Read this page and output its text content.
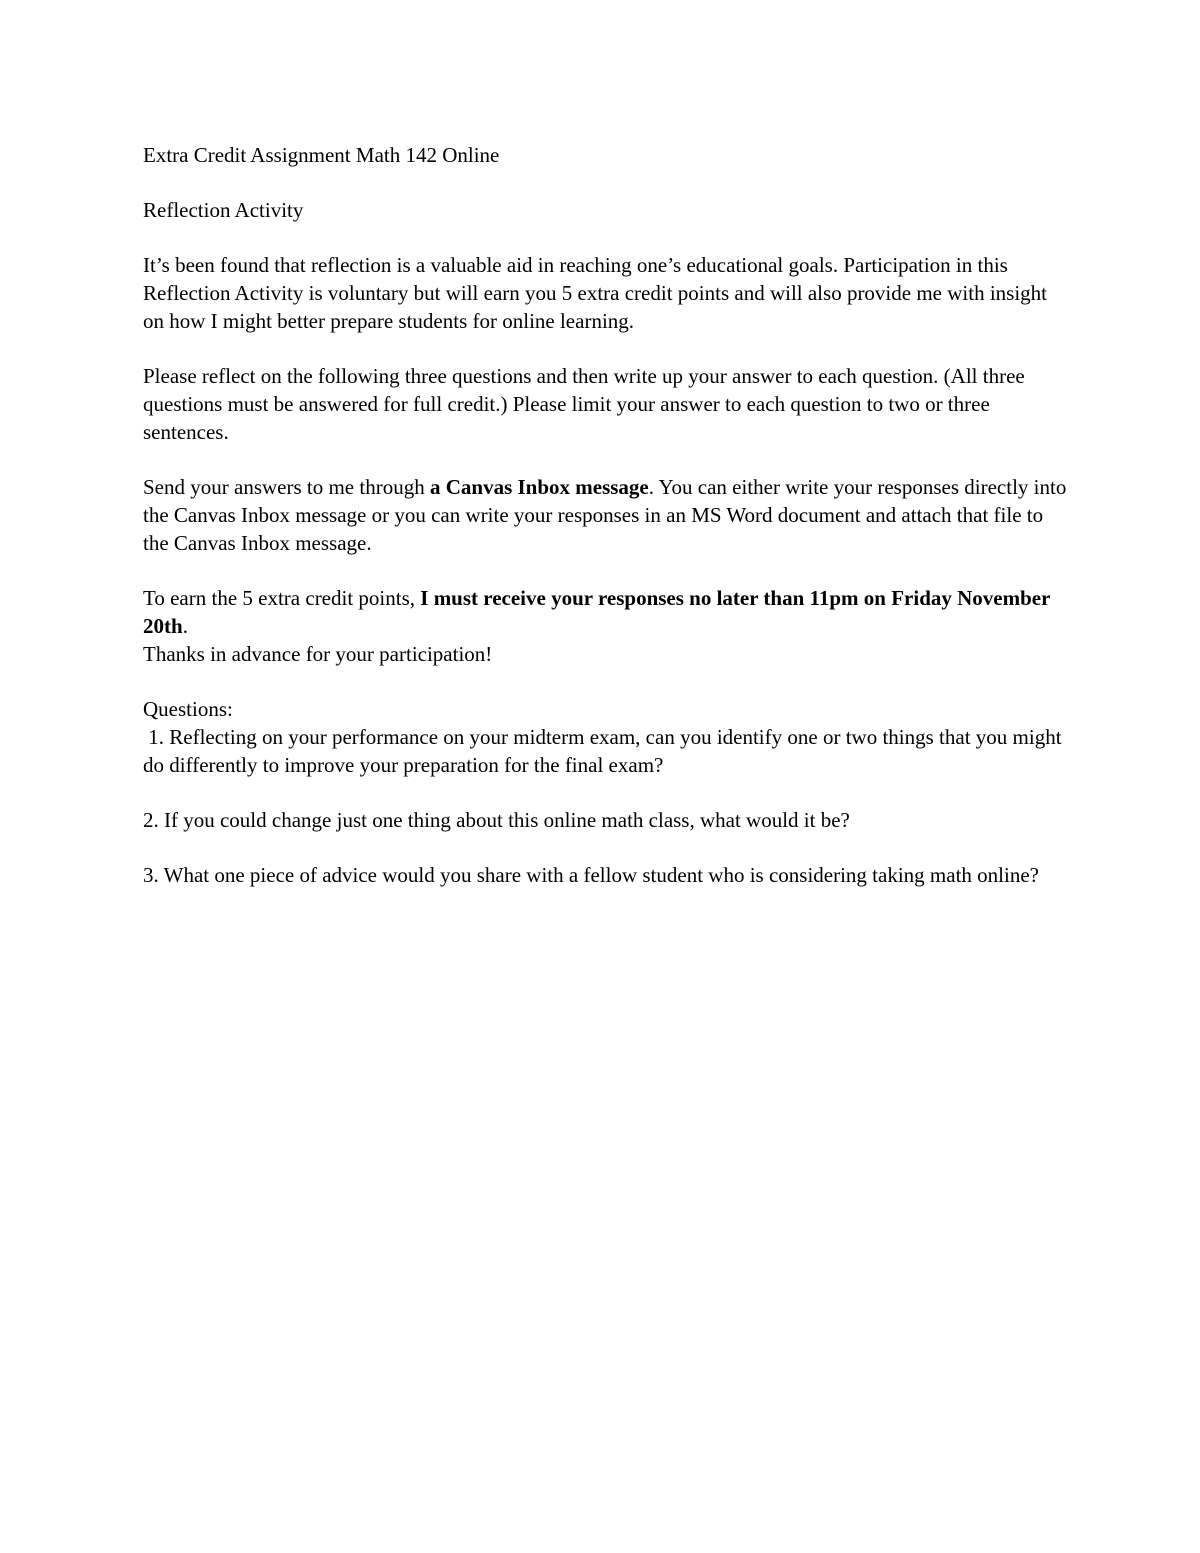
Extra Credit Assignment Math 142 Online

Reflection Activity

It’s been found that reflection is a valuable aid in reaching one’s educational goals. Participation in this Reflection Activity is voluntary but will earn you 5 extra credit points and will also provide me with insight on how I might better prepare students for online learning.

Please reflect on the following three questions and then write up your answer to each question. (All three questions must be answered for full credit.) Please limit your answer to each question to two or three sentences.

Send your answers to me through a Canvas Inbox message. You can either write your responses directly into the Canvas Inbox message or you can write your responses in an MS Word document and attach that file to the Canvas Inbox message.

To earn the 5 extra credit points, I must receive your responses no later than 11pm on Friday November 20th.

Thanks in advance for your participation!

Questions:

1. Reflecting on your performance on your midterm exam, can you identify one or two things that you might do differently to improve your preparation for the final exam?

2. If you could change just one thing about this online math class, what would it be?

3. What one piece of advice would you share with a fellow student who is considering taking math online?
